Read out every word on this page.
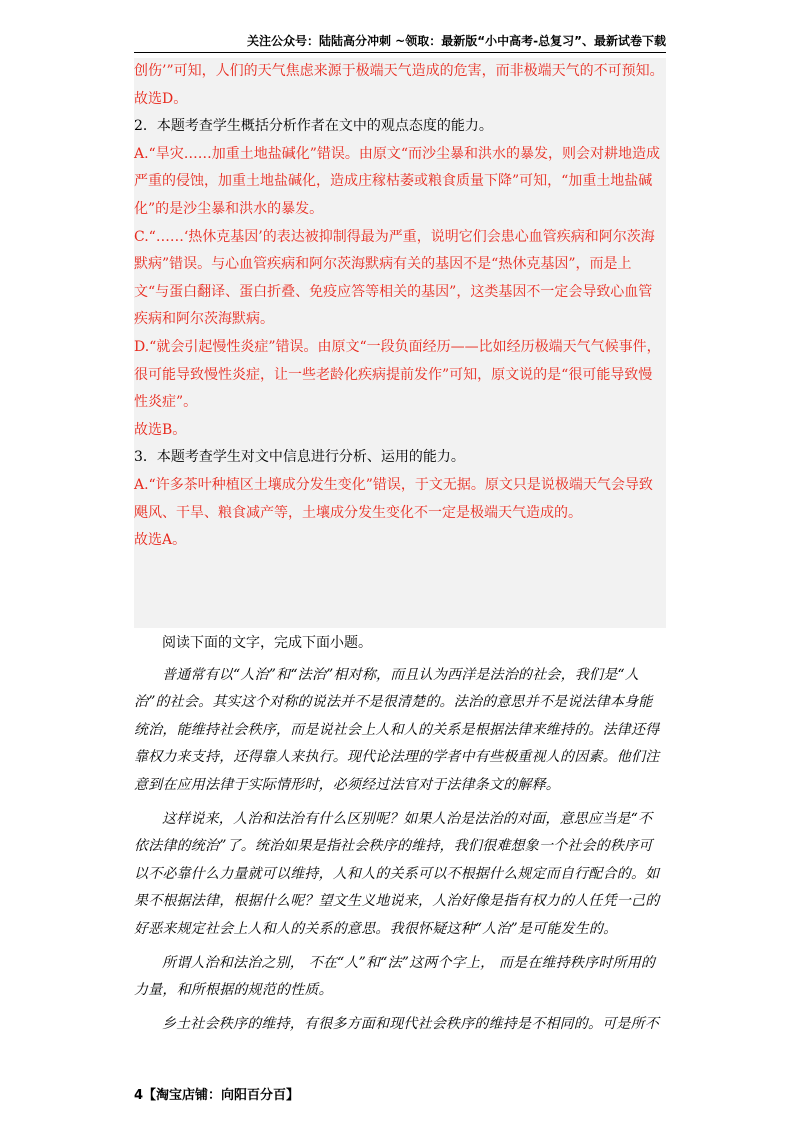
关注公众号：陆陆高分冲刺 ~领取：最新版“小中高考-总复习”、最新试卷下载

创伤’”可知，人们的天气焦虑来源于极端天气造成的危害，而非极端天气的不可预知。

故选D。

2．本题考查学生概括分析作者在文中的观点态度的能力。

A.“旱灾……加重土地盐碱化”错误。由原文“而沙尘暴和洪水的暴发，则会对耕地造成严重的侵蚀，加重土地盐碱化，造成庄稼枯萎或粮食质量下降”可知，“加重土地盐碱化”的是沙尘暴和洪水的暴发。

C.“……‘热休克基因’的表达被抑制得最为严重，说明它们会患心血管疾病和阿尔茨海默病”错误。与心血管疾病和阿尔茨海默病有关的基因不是“热休克基因”，而是上文“与蛋白翻译、蛋白折叠、免疫应答等相关的基因”，这类基因不一定会导致心血管疾病和阿尔茨海默病。

D.“就会引起慢性炎症”错误。由原文“一段负面经历——比如经历极端天气气候事件，很可能导致慢性炎症，让一些老龄化疾病提前发作”可知，原文说的是“很可能导致慢性炎症”。

故选B。

3．本题考查学生对文中信息进行分析、运用的能力。

A.“许多茶叶种植区土壤成分发生变化”错误，于文无据。原文只是说极端天气会导致飓风、干旱、粮食减产等，土壤成分发生变化不一定是极端天气造成的。

故选A。

阅读下面的文字，完成下面小题。

普通常有以“人治”和“法治”相对称，而且认为西洋是法治的社会，我们是“人治”的社会。其实这个对称的说法并不是很清楚的。法治的意思并不是说法律本身能统治，能维持社会秩序，而是说社会上人和人的关系是根据法律来维持的。法律还得靠权力来支持，还得靠人来执行。现代论法理的学者中有些极重视人的因素。他们注意到在应用法律于实际情形时，必须经过法官对于法律条文的解释。

这样说来，人治和法治有什么区别呢？如果人治是法治的对面，意思应当是“不依法律的统治”了。统治如果是指社会秩序的维持，我们很难想象一个社会的秩序可以不必靠什么力量就可以维持，人和人的关系可以不根据什么规定而自行配合的。如果不根据法律，根据什么呢？望文生义地说来，人治好像是指有权力的人任凭一己的好恶来规定社会上人和人的关系的意思。我很怀疑这种“人治”是可能发生的。

所谓人治和法治之别， 不在“人”和“法”这两个字上， 而是在维持秩序时所用的力量，和所根据的规范的性质。

乡土社会秩序的维持，有很多方面和现代社会秩序的维持是不相同的。可是所不

4【淘宝店铺：向阳百分百】
